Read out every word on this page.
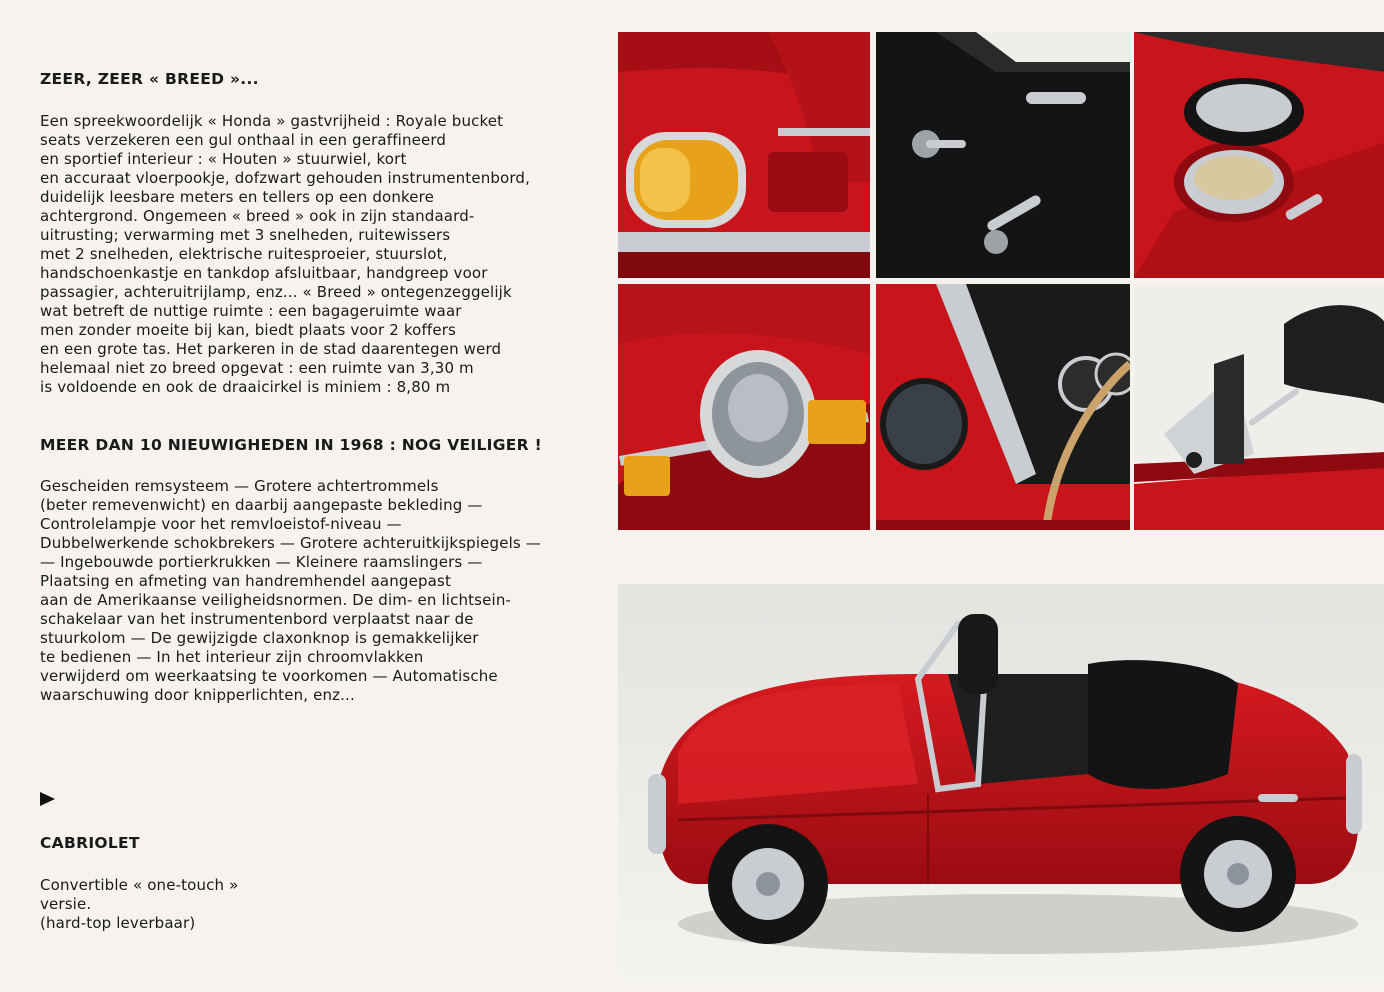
ZEER, ZEER « BREED »...
Een spreekwoordelijk « Honda » gastvrijheid : Royale bucket
seats verzekeren een gul onthaal in een geraffineerd
en sportief interieur : « Houten » stuurwiel, kort
en accuraat vloerpookje, dofzwart gehouden instrumentenbord,
duidelijk leesbare meters en tellers op een donkere
achtergrond. Ongemeen « breed » ook in zijn standaard-
uitrusting; verwarming met 3 snelheden, ruitewissers
met 2 snelheden, elektrische ruitesproeier, stuurslot,
handschoenkastje en tankdop afsluitbaar, handgreep voor
passagier, achteruitrijlamp, enz... « Breed » ontegenzeggelijk
wat betreft de nuttige ruimte : een bagageruimte waar
men zonder moeite bij kan, biedt plaats voor 2 koffers
en een grote tas. Het parkeren in de stad daarentegen werd
helemaal niet zo breed opgevat : een ruimte van 3,30 m
is voldoende en ook de draaicirkel is miniem : 8,80 m
MEER DAN 10 NIEUWIGHEDEN IN 1968 : NOG VEILIGER !
Gescheiden remsysteem — Grotere achtertrommels
(beter remevenwicht) en daarbij aangepaste bekleding —
Controlelampje voor het remvloeistof-niveau —
Dubbelwerkende schokbrekers — Grotere achteruitkijkspiegels —
— Ingebouwde portierkrukken — Kleinere raamslingers —
Plaatsing en afmeting van handremhendel aangepast
aan de Amerikaanse veiligheidsnormen. De dim- en lichtsein-
schakelaar van het instrumentenbord verplaatst naar de
stuurkolom — De gewijzigde claxonknop is gemakkelijker
te bedienen — In het interieur zijn chroomvlakken
verwijderd om weerkaatsing te voorkomen — Automatische
waarschuwing door knipperlichten, enz...
CABRIOLET
Convertible « one-touch »
versie.
(hard-top leverbaar)
